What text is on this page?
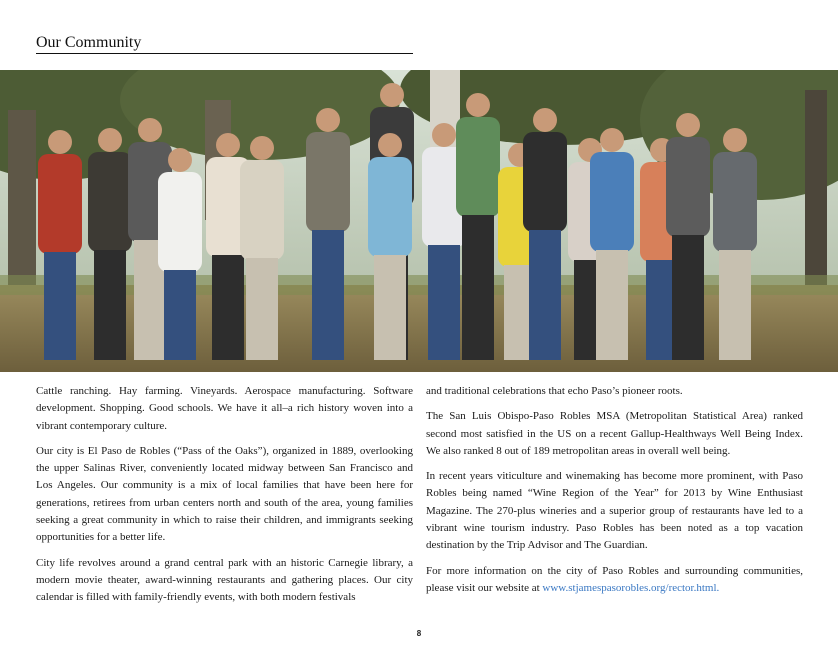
Our Community

Cattle ranching. Hay farming. Vineyards. Aerospace manufacturing. Software development. Shopping. Good schools. We have it all–a rich history woven into a vibrant contemporary culture.

Our city is El Paso de Robles (“Pass of the Oaks”), organized in 1889, overlooking the upper Salinas River, conveniently located midway between San Francisco and Los Angeles. Our community is a mix of local families that have been here for generations, retirees from urban centers north and south of the area, young families seeking a great community in which to raise their children, and immigrants seeking opportunities for a better life.

City life revolves around a grand central park with an historic Carnegie library, a modern movie theater, award-winning restaurants and gathering places. Our city calendar is filled with family-friendly events, with both modern festivals

and traditional celebrations that echo Paso’s pioneer roots.

The San Luis Obispo-Paso Robles MSA (Metropolitan Statistical Area) ranked second most satisfied in the US on a recent Gallup-Healthways Well Being Index. We also ranked 8 out of 189 metropolitan areas in overall well being.

In recent years viticulture and winemaking has become more prominent, with Paso Robles being named “Wine Region of the Year” for 2013 by Wine Enthusiast Magazine. The 270-plus wineries and a superior group of restaurants have led to a vibrant wine tourism industry. Paso Robles has been noted as a top vacation destination by the Trip Advisor and The Guardian.

For more information on the city of Paso Robles and surrounding communities, please visit our website at www.stjamespasorobles.org/rector.html.

8
